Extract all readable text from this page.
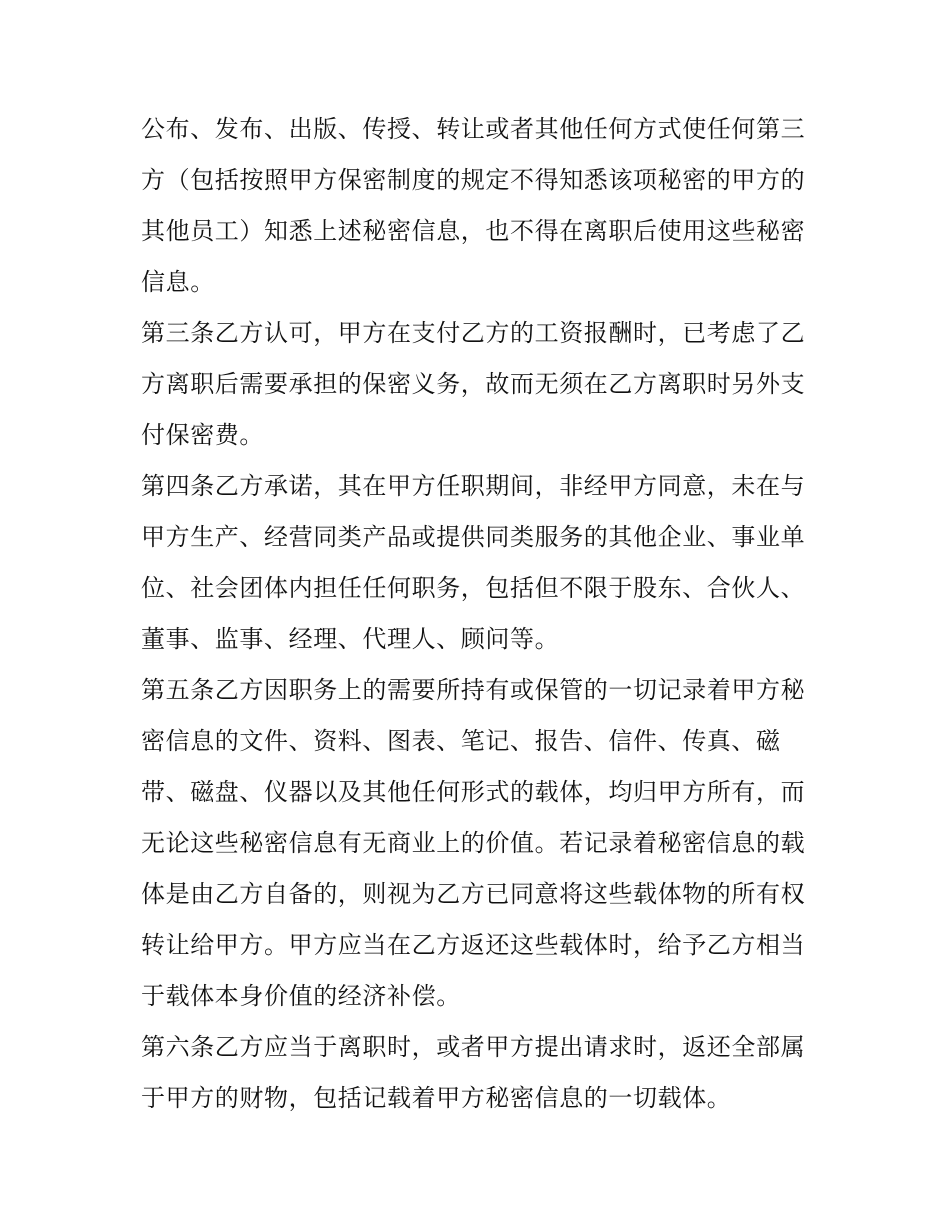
公布、发布、出版、传授、转让或者其他任何方式使任何第三
方（包括按照甲方保密制度的规定不得知悉该项秘密的甲方的
其他员工）知悉上述秘密信息，也不得在离职后使用这些秘密
信息。
第三条乙方认可，甲方在支付乙方的工资报酬时，已考虑了乙
方离职后需要承担的保密义务，故而无须在乙方离职时另外支
付保密费。
第四条乙方承诺，其在甲方任职期间，非经甲方同意，未在与
甲方生产、经营同类产品或提供同类服务的其他企业、事业单
位、社会团体内担任任何职务，包括但不限于股东、合伙人、
董事、监事、经理、代理人、顾问等。
第五条乙方因职务上的需要所持有或保管的一切记录着甲方秘
密信息的文件、资料、图表、笔记、报告、信件、传真、磁
带、磁盘、仪器以及其他任何形式的载体，均归甲方所有，而
无论这些秘密信息有无商业上的价值。若记录着秘密信息的载
体是由乙方自备的，则视为乙方已同意将这些载体物的所有权
转让给甲方。甲方应当在乙方返还这些载体时，给予乙方相当
于载体本身价值的经济补偿。
第六条乙方应当于离职时，或者甲方提出请求时，返还全部属
于甲方的财物，包括记载着甲方秘密信息的一切载体。
